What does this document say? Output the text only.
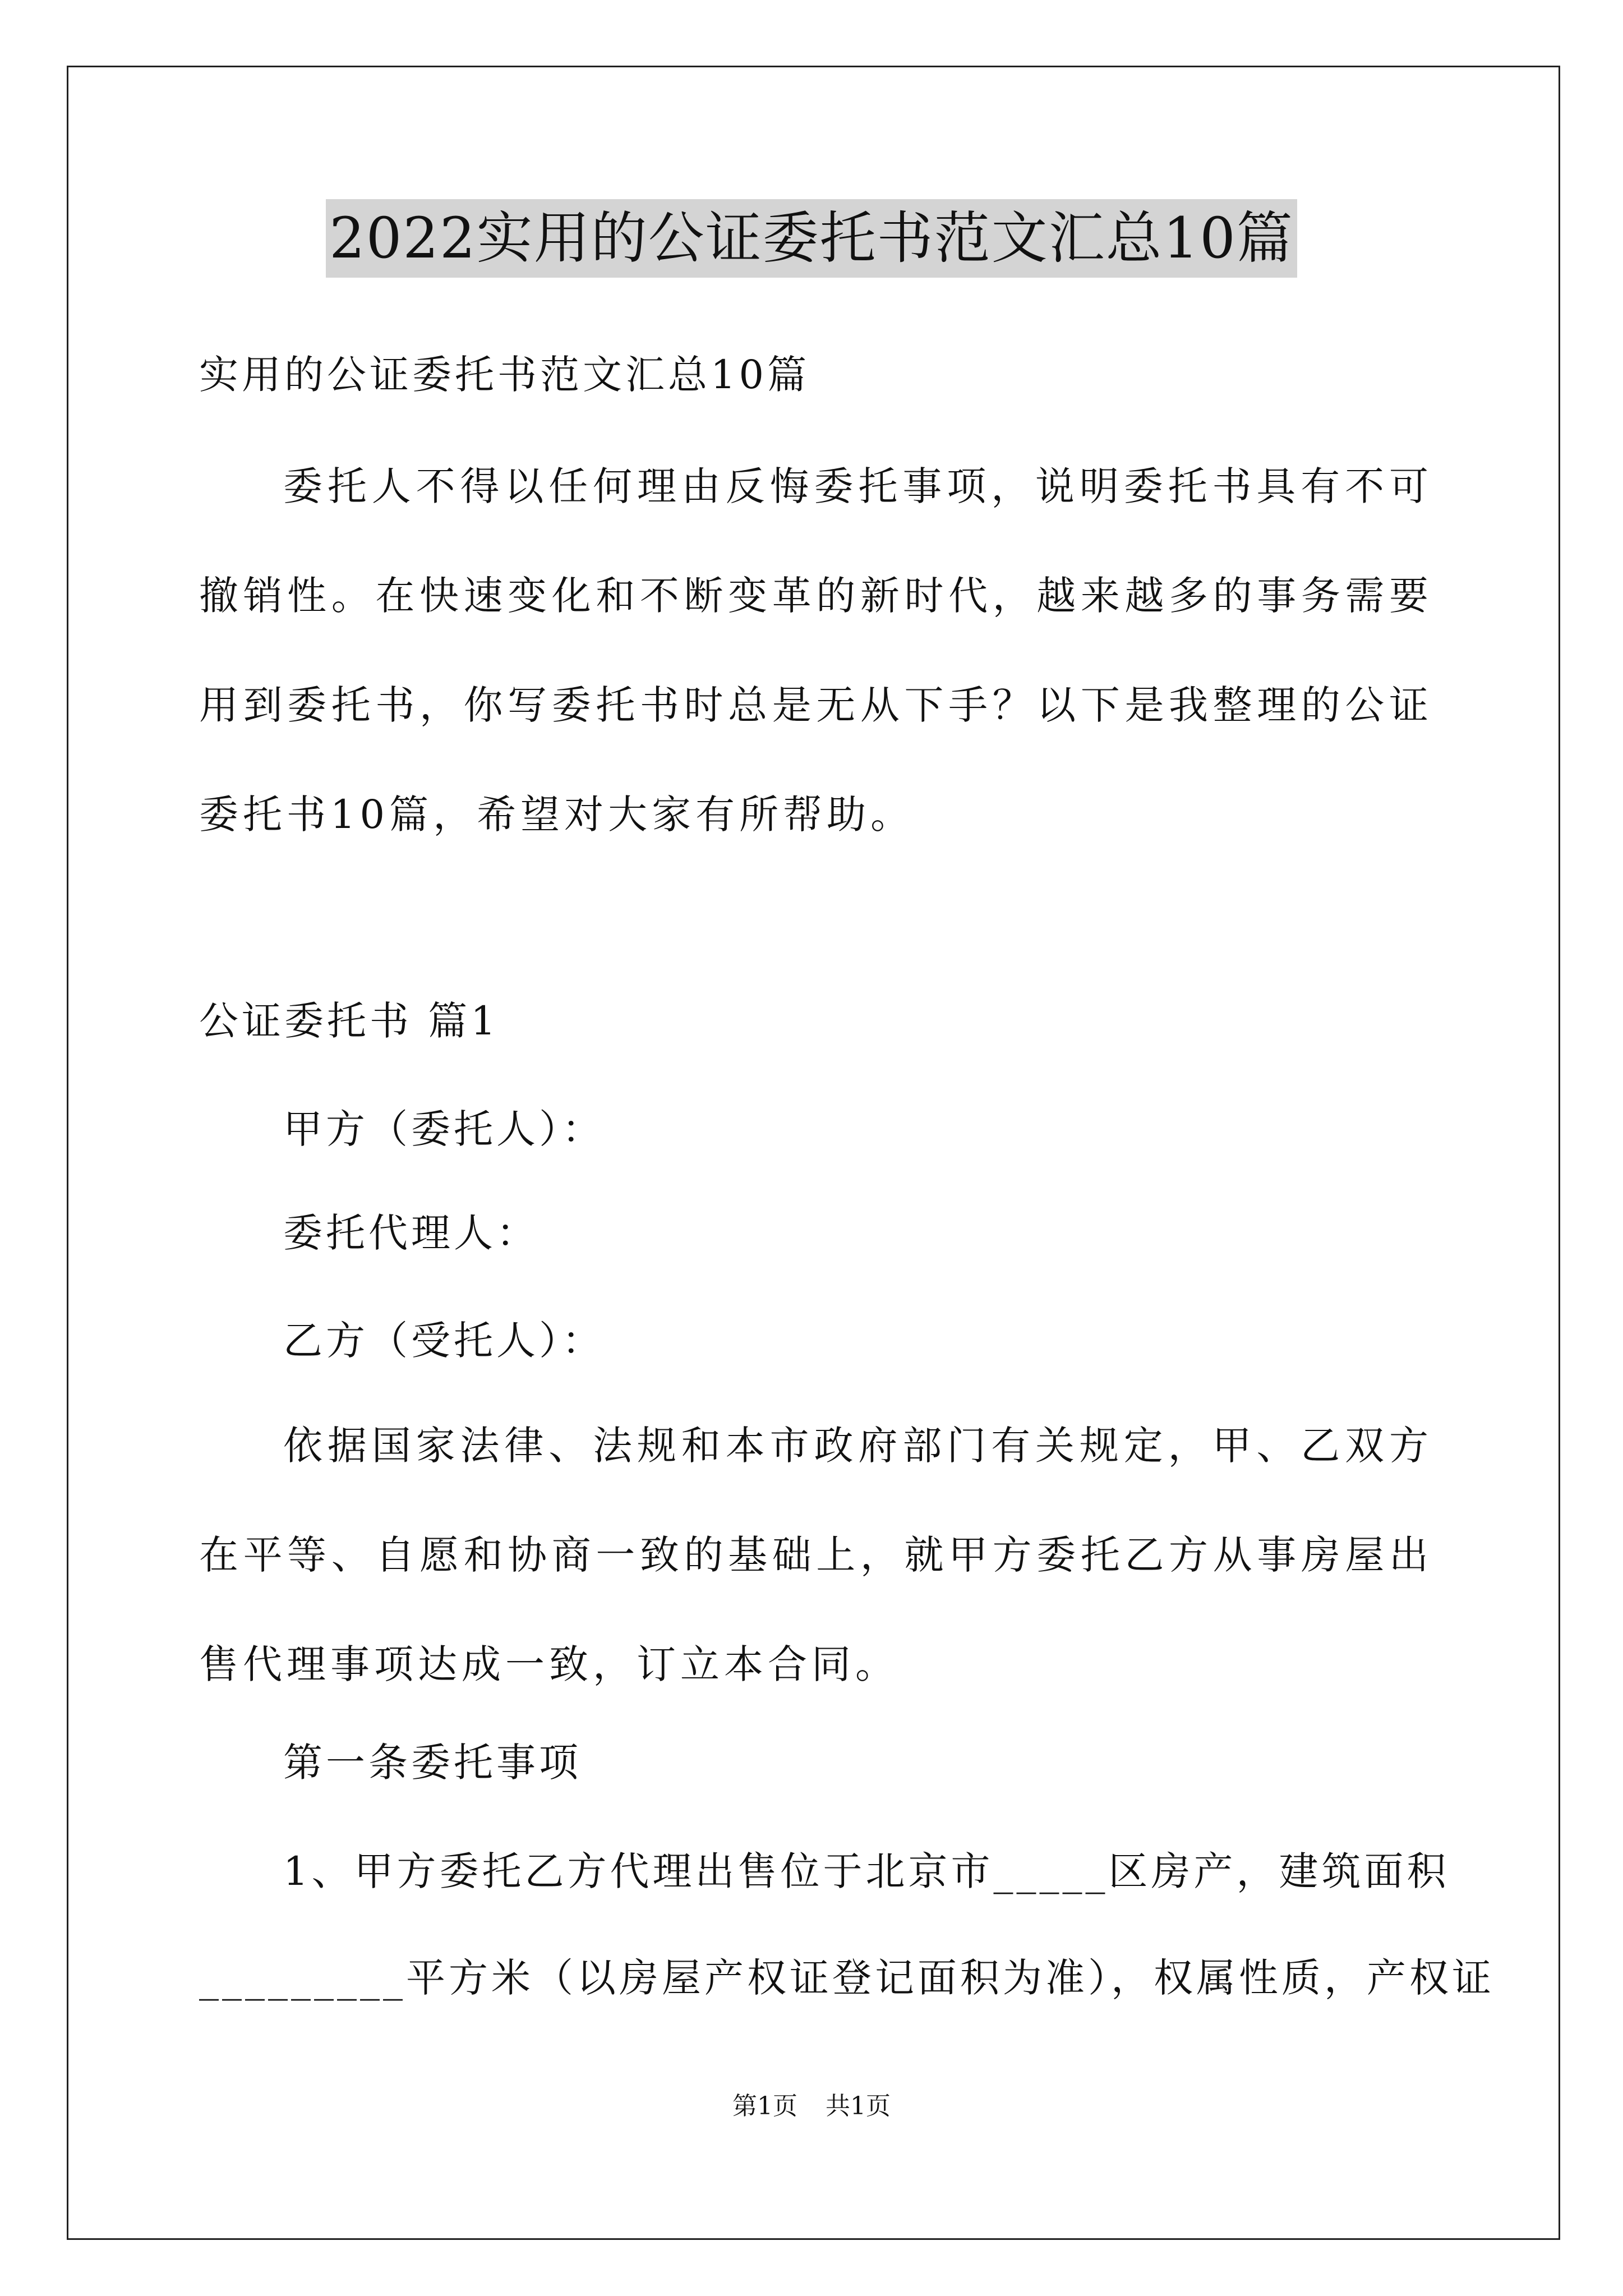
2022实用的公证委托书范文汇总10篇
实用的公证委托书范文汇总10篇
委托人不得以任何理由反悔委托事项，说明委托书具有不可撤销性。在快速变化和不断变革的新时代，越来越多的事务需要用到委托书，你写委托书时总是无从下手？以下是我整理的公证委托书10篇，希望对大家有所帮助。
公证委托书 篇1
甲方（委托人）：
委托代理人：
乙方（受托人）：
依据国家法律、法规和本市政府部门有关规定，甲、乙双方在平等、自愿和协商一致的基础上，就甲方委托乙方从事房屋出售代理事项达成一致，订立本合同。
第一条委托事项
1、甲方委托乙方代理出售位于北京市_____区房产，建筑面积
_________平方米（以房屋产权证登记面积为准），权属性质，产权证
第1页 共1页
